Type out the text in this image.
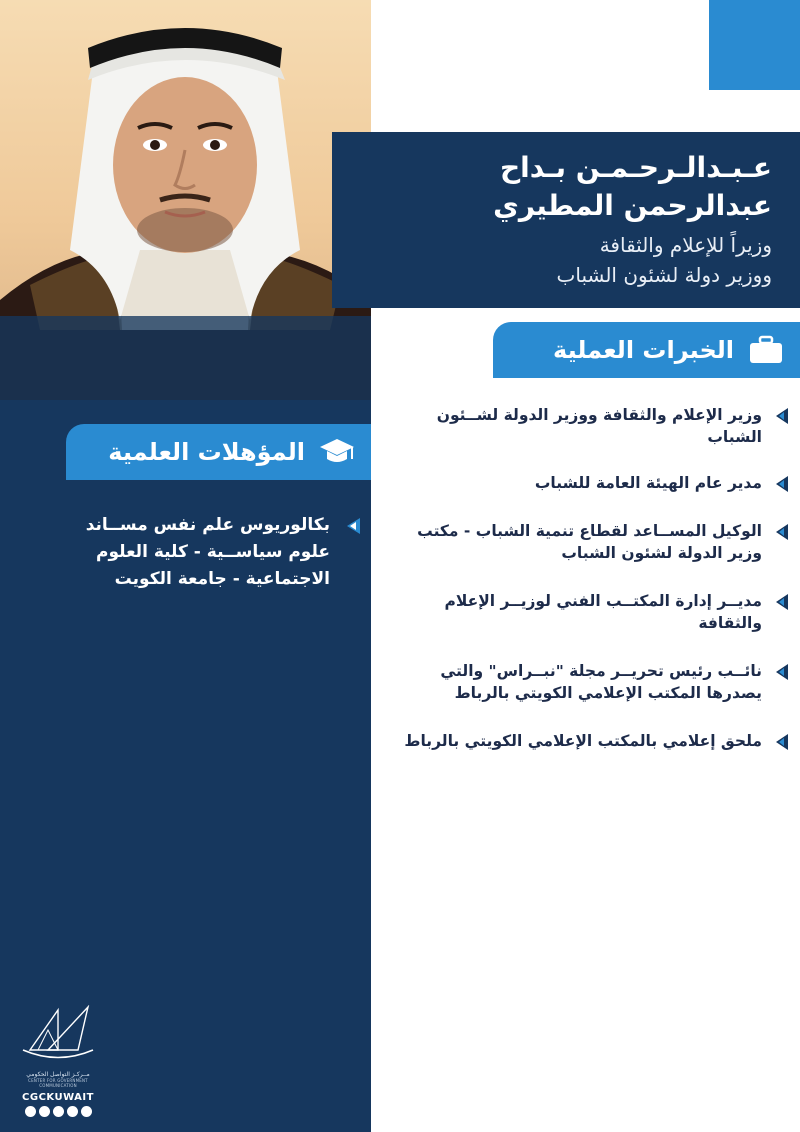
المؤهلات العلمية
بكالوريوس علم نفس مســاند علوم سياســية - كلية العلوم الاجتماعية - جامعة الكويت
مــركـز التواصل الحكومي
CENTER FOR GOVERNMENT COMMUNICATION
CGCKUWAIT
عـبـدالـرحـمـن بـداح
عبدالرحمن المطيري
وزيراً للإعلام والثقافة
ووزير دولة لشئون الشباب
الخبرات العملية
وزير الإعلام والثقافة ووزير الدولة لشــئون الشباب
مدير عام الهيئة العامة للشباب
الوكيل المســاعد لقطاع تنمية الشباب - مكتب وزير الدولة لشئون الشباب
مديــر إدارة المكتــب الفني لوزيــر الإعلام والثقافة
نائــب رئيس تحريــر مجلة "نبــراس" والتي يصدرها المكتب الإعلامي الكويتي بالرباط
ملحق إعلامي بالمكتب الإعلامي الكويتي بالرباط
